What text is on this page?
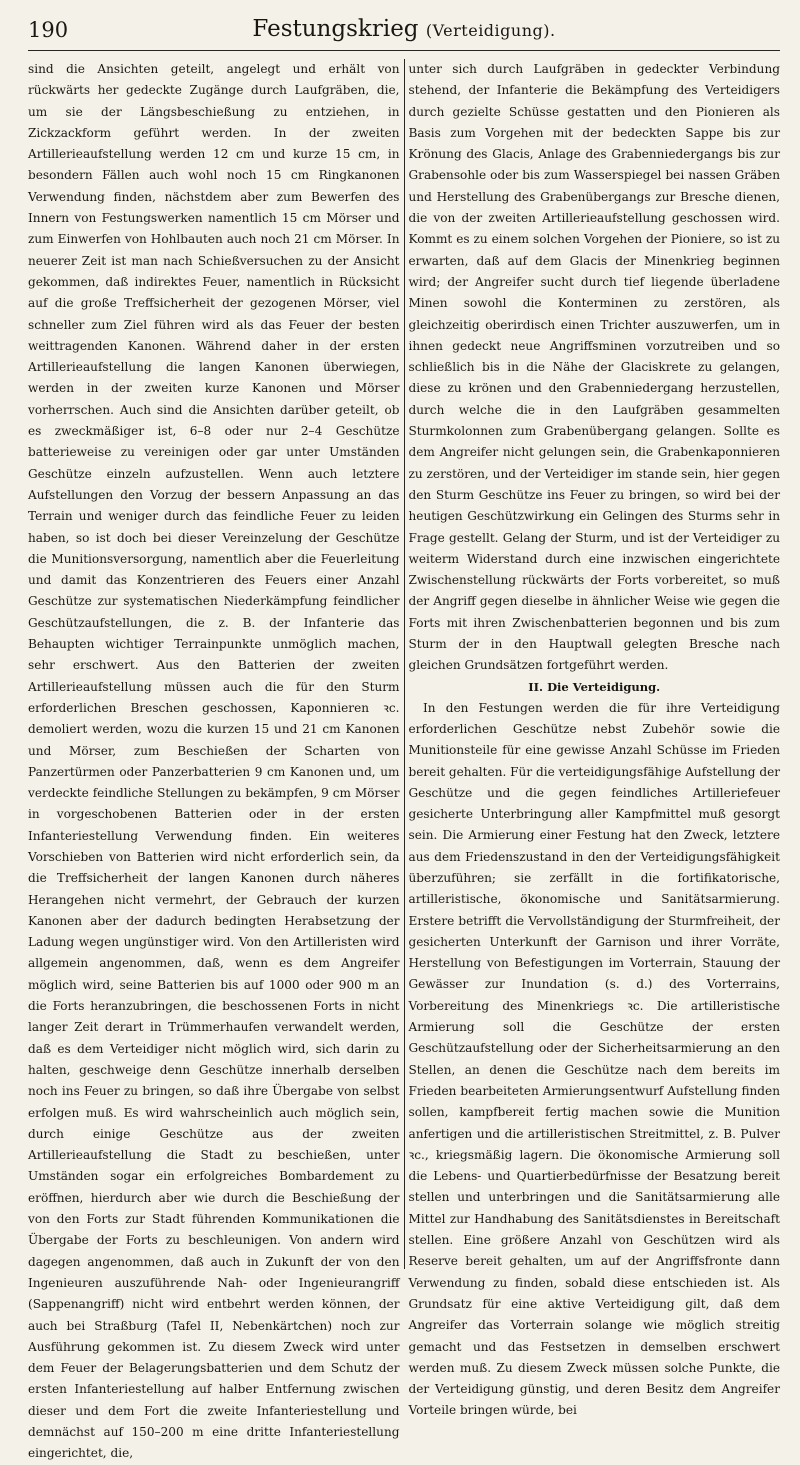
190	Festungskrieg (Verteidigung).

sind die Ansichten geteilt, angelegt und erhält von rückwärts her gedeckte Zugänge durch Laufgräben, die, um sie der Längsbeschießung zu entziehen, in Zickzackform geführt werden. In der zweiten Artillerieaufstellung werden 12 cm und kurze 15 cm, in besondern Fällen auch wohl noch 15 cm Ringkanonen Verwendung finden, nächstdem aber zum Bewerfen des Innern von Festungswerken namentlich 15 cm Mörser und zum Einwerfen von Hohlbauten auch noch 21 cm Mörser. In neuerer Zeit ist man nach Schießversuchen zu der Ansicht gekommen, daß indirektes Feuer, namentlich in Rücksicht auf die große Treffsicherheit der gezogenen Mörser, viel schneller zum Ziel führen wird als das Feuer der besten weittragenden Kanonen. Während daher in der ersten Artillerieaufstellung die langen Kanonen überwiegen, werden in der zweiten kurze Kanonen und Mörser vorherrschen. Auch sind die Ansichten darüber geteilt, ob es zweckmäßiger ist, 6–8 oder nur 2–4 Geschütze batterieweise zu vereinigen oder gar unter Umständen Geschütze einzeln aufzustellen. Wenn auch letztere Aufstellungen den Vorzug der bessern Anpassung an das Terrain und weniger durch das feindliche Feuer zu leiden haben, so ist doch bei dieser Vereinzelung der Geschütze die Munitionsversorgung, namentlich aber die Feuerleitung und damit das Konzentrieren des Feuers einer Anzahl Geschütze zur systematischen Niederkämpfung feindlicher Geschützaufstellungen, die z. B. der Infanterie das Behaupten wichtiger Terrainpunkte unmöglich machen, sehr erschwert. Aus den Batterien der zweiten Artillerieaufstellung müssen auch die für den Sturm erforderlichen Breschen geschossen, Kaponnieren ꝛc. demoliert werden, wozu die kurzen 15 und 21 cm Kanonen und Mörser, zum Beschießen der Scharten von Panzertürmen oder Panzerbatterien 9 cm Kanonen und, um verdeckte feindliche Stellungen zu bekämpfen, 9 cm Mörser in vorgeschobenen Batterien oder in der ersten Infanteriestellung Verwendung finden. Ein weiteres Vorschieben von Batterien wird nicht erforderlich sein, da die Treffsicherheit der langen Kanonen durch näheres Herangehen nicht vermehrt, der Gebrauch der kurzen Kanonen aber der dadurch bedingten Herabsetzung der Ladung wegen ungünstiger wird. Von den Artilleristen wird allgemein angenommen, daß, wenn es dem Angreifer möglich wird, seine Batterien bis auf 1000 oder 900 m an die Forts heranzubringen, die beschossenen Forts in nicht langer Zeit derart in Trümmerhaufen verwandelt werden, daß es dem Verteidiger nicht möglich wird, sich darin zu halten, geschweige denn Geschütze innerhalb derselben noch ins Feuer zu bringen, so daß ihre Übergabe von selbst erfolgen muß. Es wird wahrscheinlich auch möglich sein, durch einige Geschütze aus der zweiten Artillerieaufstellung die Stadt zu beschießen, unter Umständen sogar ein erfolgreiches Bombardement zu eröffnen, hierdurch aber wie durch die Beschießung der von den Forts zur Stadt führenden Kommunikationen die Übergabe der Forts zu beschleunigen. Von andern wird dagegen angenommen, daß auch in Zukunft der von den Ingenieuren auszuführende Nah- oder Ingenieurangriff (Sappenangriff) nicht wird entbehrt werden können, der auch bei Straßburg (Tafel II, Nebenkärtchen) noch zur Ausführung gekommen ist. Zu diesem Zweck wird unter dem Feuer der Belagerungsbatterien und dem Schutz der ersten Infanteriestellung auf halber Entfernung zwischen dieser und dem Fort die zweite Infanteriestellung und demnächst auf 150–200 m eine dritte Infanteriestellung eingerichtet, die,

unter sich durch Laufgräben in gedeckter Verbindung stehend, der Infanterie die Bekämpfung des Verteidigers durch gezielte Schüsse gestatten und den Pionieren als Basis zum Vorgehen mit der bedeckten Sappe bis zur Krönung des Glacis, Anlage des Grabenniedergangs bis zur Grabensohle oder bis zum Wasserspiegel bei nassen Gräben und Herstellung des Grabenübergangs zur Bresche dienen, die von der zweiten Artillerieaufstellung geschossen wird. Kommt es zu einem solchen Vorgehen der Pioniere, so ist zu erwarten, daß auf dem Glacis der Minenkrieg beginnen wird; der Angreifer sucht durch tief liegende überladene Minen sowohl die Konterminen zu zerstören, als gleichzeitig oberirdisch einen Trichter auszuwerfen, um in ihnen gedeckt neue Angriffsminen vorzutreiben und so schließlich bis in die Nähe der Glaciskrete zu gelangen, diese zu krönen und den Grabenniedergang herzustellen, durch welche die in den Laufgräben gesammelten Sturmkolonnen zum Grabenübergang gelangen. Sollte es dem Angreifer nicht gelungen sein, die Grabenkaponnieren zu zerstören, und der Verteidiger im stande sein, hier gegen den Sturm Geschütze ins Feuer zu bringen, so wird bei der heutigen Geschützwirkung ein Gelingen des Sturms sehr in Frage gestellt. Gelang der Sturm, und ist der Verteidiger zu weiterm Widerstand durch eine inzwischen eingerichtete Zwischenstellung rückwärts der Forts vorbereitet, so muß der Angriff gegen dieselbe in ähnlicher Weise wie gegen die Forts mit ihren Zwischenbatterien begonnen und bis zum Sturm der in den Hauptwall gelegten Bresche nach gleichen Grundsätzen fortgeführt werden.

II. Die Verteidigung.

In den Festungen werden die für ihre Verteidigung erforderlichen Geschütze nebst Zubehör sowie die Munitionsteile für eine gewisse Anzahl Schüsse im Frieden bereit gehalten. Für die verteidigungsfähige Aufstellung der Geschütze und die gegen feindliches Artilleriefeuer gesicherte Unterbringung aller Kampfmittel muß gesorgt sein. Die Armierung einer Festung hat den Zweck, letztere aus dem Friedenszustand in den der Verteidigungsfähigkeit überzuführen; sie zerfällt in die fortifikatorische, artilleristische, ökonomische und Sanitätsarmierung. Erstere betrifft die Vervollständigung der Sturmfreiheit, der gesicherten Unterkunft der Garnison und ihrer Vorräte, Herstellung von Befestigungen im Vorterrain, Stauung der Gewässer zur Inundation (s. d.) des Vorterrains, Vorbereitung des Minenkriegs ꝛc. Die artilleristische Armierung soll die Geschütze der ersten Geschützaufstellung oder der Sicherheitsarmierung an den Stellen, an denen die Geschütze nach dem bereits im Frieden bearbeiteten Armierungsentwurf Aufstellung finden sollen, kampfbereit fertig machen sowie die Munition anfertigen und die artilleristischen Streitmittel, z. B. Pulver ꝛc., kriegsmäßig lagern. Die ökonomische Armierung soll die Lebens- und Quartierbedürfnisse der Besatzung bereit stellen und unterbringen und die Sanitätsarmierung alle Mittel zur Handhabung des Sanitätsdienstes in Bereitschaft stellen. Eine größere Anzahl von Geschützen wird als Reserve bereit gehalten, um auf der Angriffsfronte dann Verwendung zu finden, sobald diese entschieden ist. Als Grundsatz für eine aktive Verteidigung gilt, daß dem Angreifer das Vorterrain solange wie möglich streitig gemacht und das Festsetzen in demselben erschwert werden muß. Zu diesem Zweck müssen solche Punkte, die der Verteidigung günstig, und deren Besitz dem Angreifer Vorteile bringen würde, bei
